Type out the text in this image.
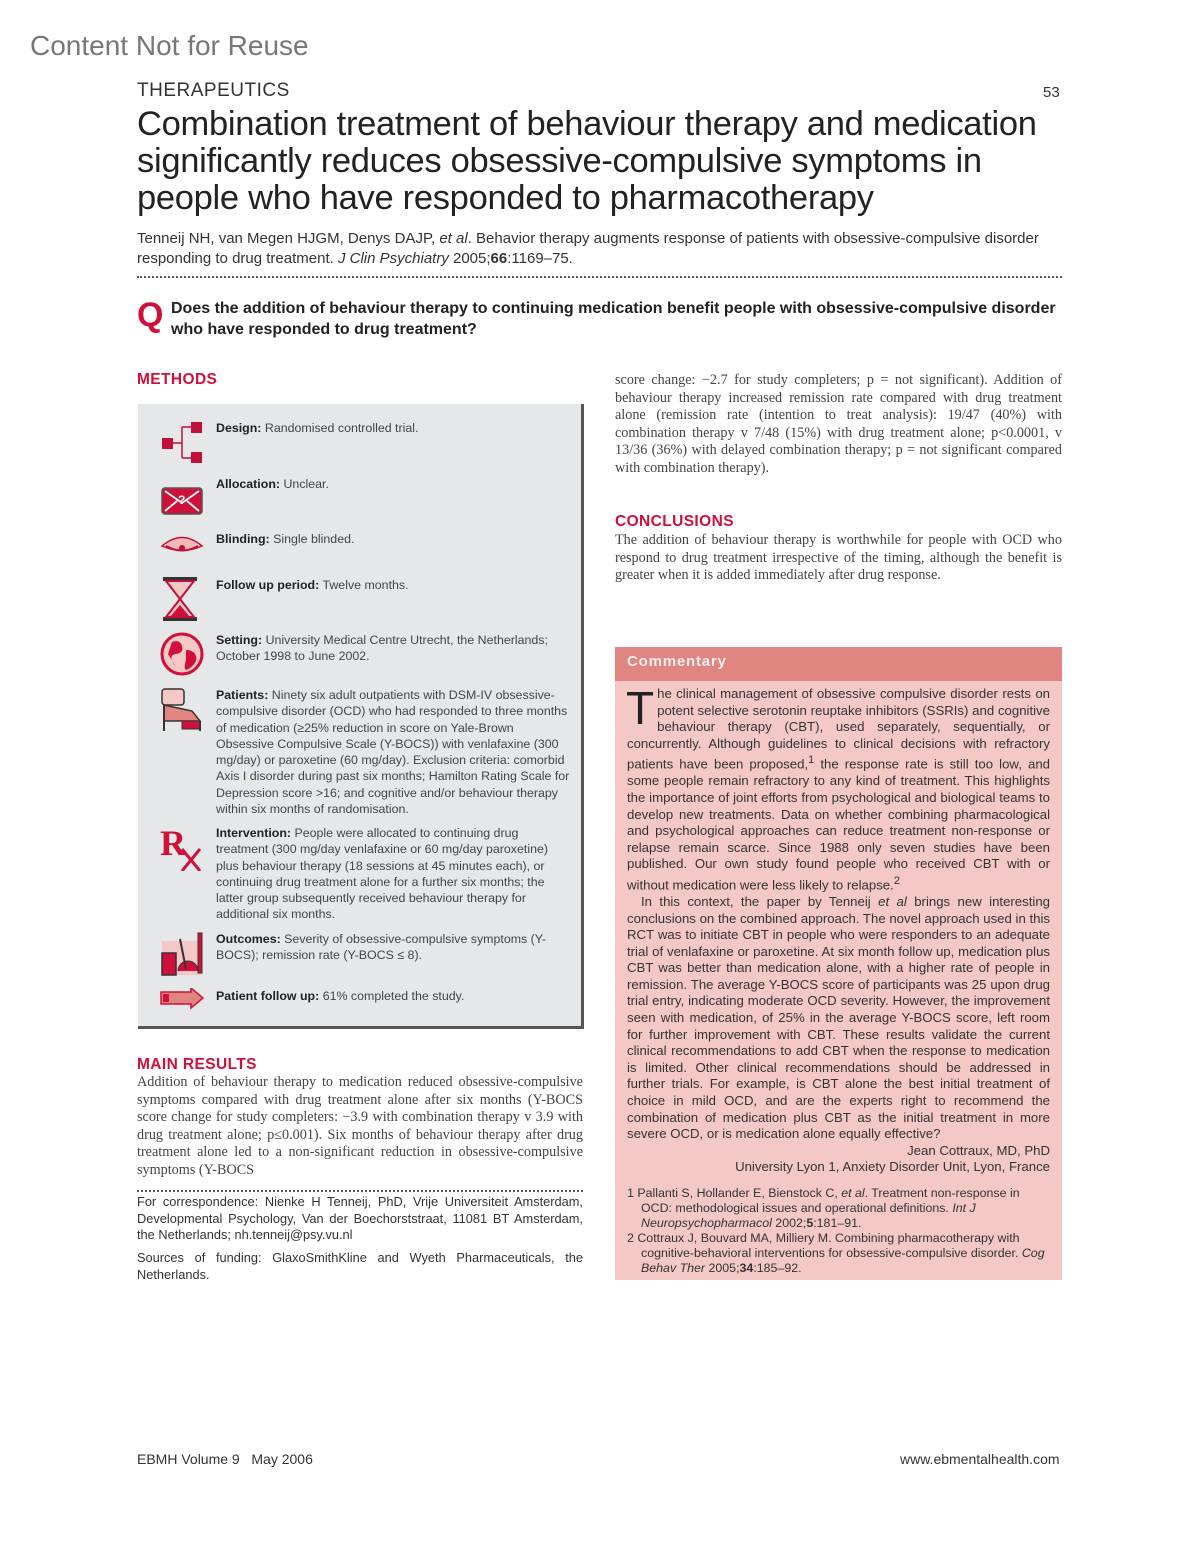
Content Not for Reuse
THERAPEUTICS	53
Combination treatment of behaviour therapy and medication significantly reduces obsessive-compulsive symptoms in people who have responded to pharmacotherapy
Tenneij NH, van Megen HJGM, Denys DAJP, et al. Behavior therapy augments response of patients with obsessive-compulsive disorder responding to drug treatment. J Clin Psychiatry 2005;66:1169–75.
Q Does the addition of behaviour therapy to continuing medication benefit people with obsessive-compulsive disorder who have responded to drug treatment?
METHODS
Design: Randomised controlled trial.
?
Allocation: Unclear.
Blinding: Single blinded.
Follow up period: Twelve months.
Setting: University Medical Centre Utrecht, the Netherlands; October 1998 to June 2002.
Patients: Ninety six adult outpatients with DSM-IV obsessive-compulsive disorder (OCD) who had responded to three months of medication (≥25% reduction in score on Yale-Brown Obsessive Compulsive Scale (Y-BOCS)) with venlafaxine (300 mg/day) or paroxetine (60 mg/day). Exclusion criteria: comorbid Axis I disorder during past six months; Hamilton Rating Scale for Depression score >16; and cognitive and/or behaviour therapy within six months of randomisation.
R Intervention: People were allocated to continuing drug treatment (300 mg/day venlafaxine or 60 mg/day paroxetine) plus behaviour therapy (18 sessions at 45 minutes each), or continuing drug treatment alone for a further six months; the latter group subsequently received behaviour therapy for additional six months.
Outcomes: Severity of obsessive-compulsive symptoms (Y-BOCS); remission rate (Y-BOCS ≤ 8).
Patient follow up: 61% completed the study.
MAIN RESULTS
Addition of behaviour therapy to medication reduced obsessive-compulsive symptoms compared with drug treatment alone after six months (Y-BOCS score change for study completers: −3.9 with combination therapy v 3.9 with drug treatment alone; p≤0.001). Six months of behaviour therapy after drug treatment alone led to a non-significant reduction in obsessive-compulsive symptoms (Y-BOCS
For correspondence: Nienke H Tenneij, PhD, Vrije Universiteit Amsterdam, Developmental Psychology, Van der Boechorststraat, 11081 BT Amsterdam, the Netherlands; nh.tenneij@psy.vu.nl
Sources of funding: GlaxoSmithKline and Wyeth Pharmaceuticals, the Netherlands.
score change: −2.7 for study completers; p = not significant). Addition of behaviour therapy increased remission rate compared with drug treatment alone (remission rate (intention to treat analysis): 19/47 (40%) with combination therapy v 7/48 (15%) with drug treatment alone; p<0.0001, v 13/36 (36%) with delayed combination therapy; p = not significant compared with combination therapy).
CONCLUSIONS
The addition of behaviour therapy is worthwhile for people with OCD who respond to drug treatment irrespective of the timing, although the benefit is greater when it is added immediately after drug response.
Commentary

The clinical management of obsessive compulsive disorder rests on potent selective serotonin reuptake inhibitors (SSRIs) and cognitive behaviour therapy (CBT), used separately, sequentially, or concurrently. Although guidelines to clinical decisions with refractory patients have been proposed,$^1$ the response rate is still too low, and some people remain refractory to any kind of treatment. This highlights the importance of joint efforts from psychological and biological teams to develop new treatments. Data on whether combining pharmacological and psychological approaches can reduce treatment non-response or relapse remain scarce. Since 1988 only seven studies have been published. Our own study found people who received CBT with or without medication were less likely to relapse.$^2$

In this context, the paper by Tenneij et al brings new interesting conclusions on the combined approach. The novel approach used in this RCT was to initiate CBT in people who were responders to an adequate trial of venlafaxine or paroxetine. At six month follow up, medication plus CBT was better than medication alone, with a higher rate of people in remission. The average Y-BOCS score of participants was 25 upon drug trial entry, indicating moderate OCD severity. However, the improvement seen with medication, of 25% in the average Y-BOCS score, left room for further improvement with CBT. These results validate the current clinical recommendations to add CBT when the response to medication is limited. Other clinical recommendations should be addressed in further trials. For example, is CBT alone the best initial treatment of choice in mild OCD, and are the experts right to recommend the combination of medication plus CBT as the initial treatment in more severe OCD, or is medication alone equally effective?

Jean Cottraux, MD, PhD
University Lyon 1, Anxiety Disorder Unit, Lyon, France
1 Pallanti S, Hollander E, Bienstock C, et al. Treatment non-response in OCD: methodological issues and operational definitions. Int J Neuropsychopharmacol 2002;5:181–91.
2 Cottraux J, Bouvard MA, Milliery M. Combining pharmacotherapy with cognitive-behavioral interventions for obsessive-compulsive disorder. Cog Behav Ther 2005;34:185–92.
EBMH Volume 9   May 2006	www.ebmentalhealth.com
